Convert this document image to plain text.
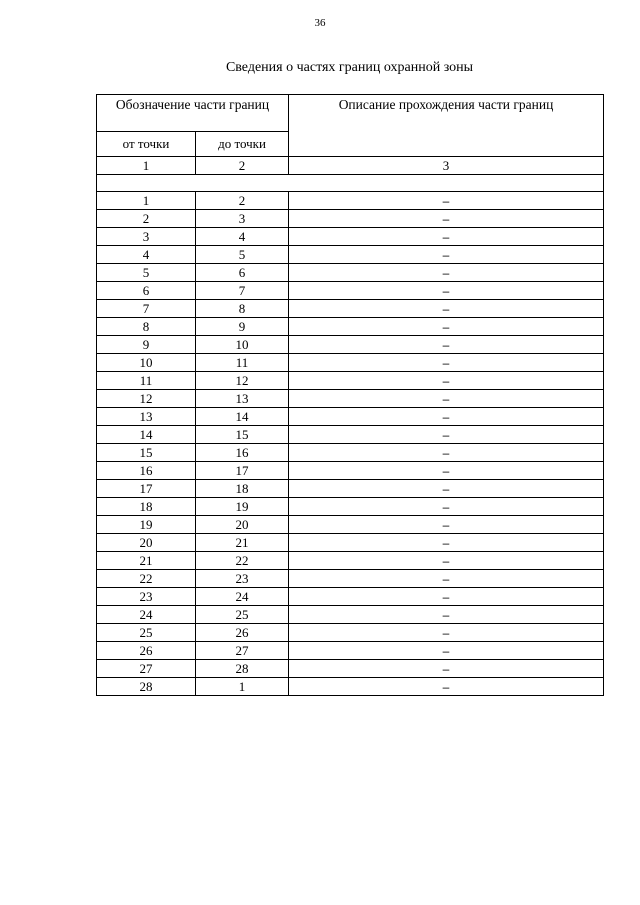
36
Сведения о частях границ охранной зоны
Обозначение части границ		Описание прохождения части границ
от точки	до точки	
1	2	3

1	2	–
2	3	–
3	4	–
4	5	–
5	6	–
6	7	–
7	8	–
8	9	–
9	10	–
10	11	–
11	12	–
12	13	–
13	14	–
14	15	–
15	16	–
16	17	–
17	18	–
18	19	–
19	20	–
20	21	–
21	22	–
22	23	–
23	24	–
24	25	–
25	26	–
26	27	–
27	28	–
28	1	–
